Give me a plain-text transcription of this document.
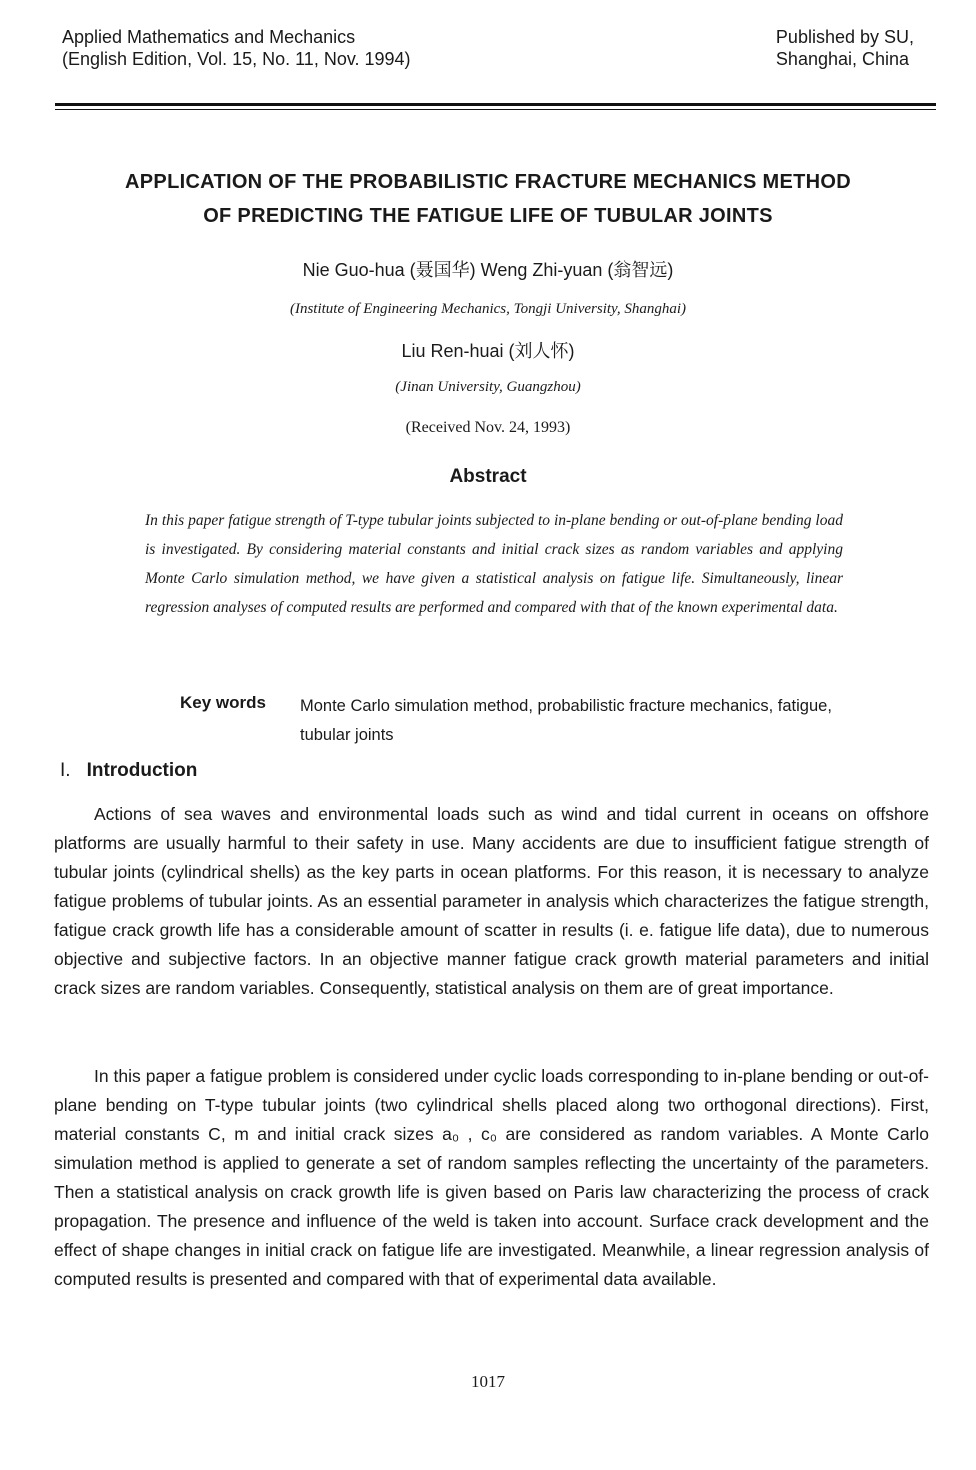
Applied Mathematics and Mechanics
(English Edition, Vol. 15, No. 11, Nov. 1994)
Published by SU,
Shanghai, China
APPLICATION OF THE PROBABILISTIC FRACTURE MECHANICS METHOD
OF PREDICTING THE FATIGUE LIFE OF TUBULAR JOINTS
Nie Guo-hua (聂国华) Weng Zhi-yuan (翁智远)
(Institute of Engineering Mechanics, Tongji University, Shanghai)
Liu Ren-huai (刘人怀)
(Jinan University, Guangzhou)
(Received Nov. 24, 1993)
Abstract
In this paper fatigue strength of T-type tubular joints subjected to in-plane bending or out-of-plane bending load is investigated. By considering material constants and initial crack sizes as random variables and applying Monte Carlo simulation method, we have given a statistical analysis on fatigue life. Simultaneously, linear regression analyses of computed results are performed and compared with that of the known experimental data.
Key words Monte Carlo simulation method, probabilistic fracture mechanics, fatigue, tubular joints
I. Introduction
Actions of sea waves and environmental loads such as wind and tidal current in oceans on offshore platforms are usually harmful to their safety in use. Many accidents are due to insufficient fatigue strength of tubular joints (cylindrical shells) as the key parts in ocean platforms. For this reason, it is necessary to analyze fatigue problems of tubular joints. As an essential parameter in analysis which characterizes the fatigue strength, fatigue crack growth life has a considerable amount of scatter in results (i. e. fatigue life data), due to numerous objective and subjective factors. In an objective manner fatigue crack growth material parameters and initial crack sizes are random variables. Consequently, statistical analysis on them are of great importance.
In this paper a fatigue problem is considered under cyclic loads corresponding to in-plane bending or out-of-plane bending on T-type tubular joints (two cylindrical shells placed along two orthogonal directions). First, material constants C, m and initial crack sizes a₀ , c₀ are considered as random variables. A Monte Carlo simulation method is applied to generate a set of random samples reflecting the uncertainty of the parameters. Then a statistical analysis on crack growth life is given based on Paris law characterizing the process of crack propagation. The presence and influence of the weld is taken into account. Surface crack development and the effect of shape changes in initial crack on fatigue life are investigated. Meanwhile, a linear regression analysis of computed results is presented and compared with that of experimental data available.
1017
